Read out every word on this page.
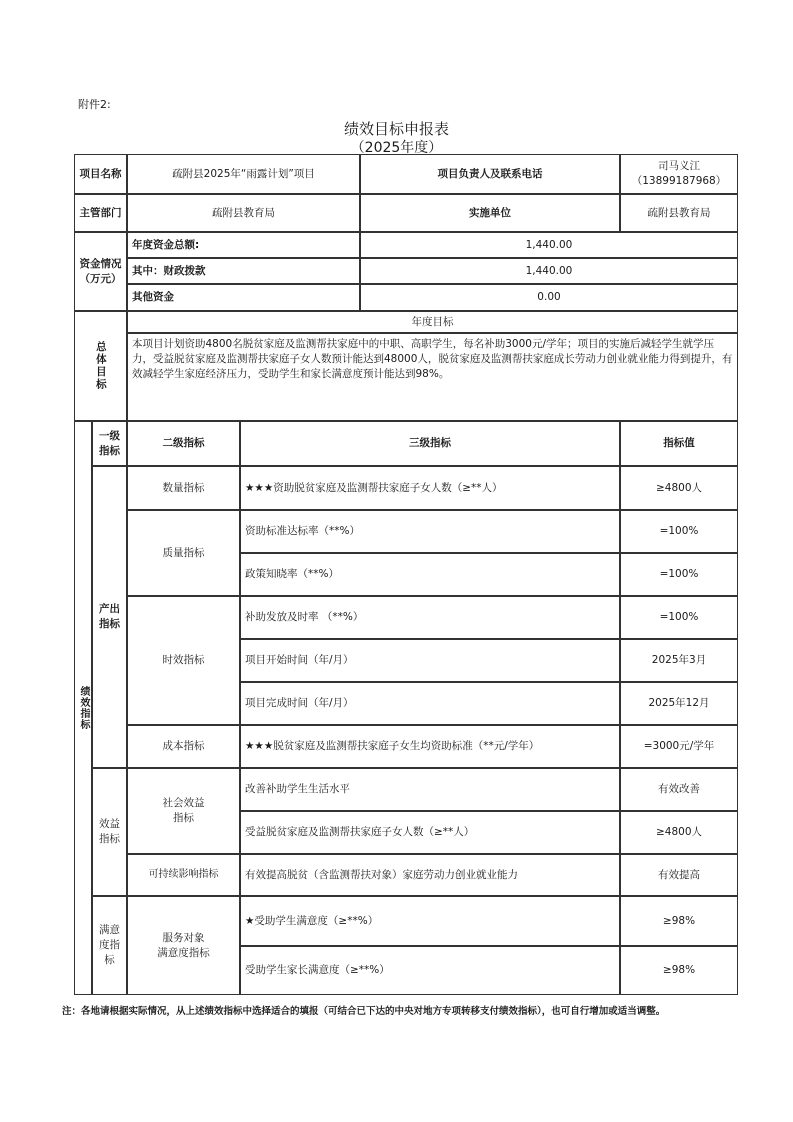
附件2:
绩效目标申报表
（2025年度）
项目名称	疏附县2025年“雨露计划”项目	项目负责人及联系电话
司马义江
（13899187968）
主管部门	疏附县教育局	实施单位	疏附县教育局
资金情况
（万元）
年度资金总额:	1,440.00
其中：财政拨款	1,440.00
其他资金	0.00
总体目标
年度目标
本项目计划资助4800名脱贫家庭及监测帮扶家庭中的中职、高职学生，每名补助3000元/学年；项目的实施后减轻学生就学压力，受益脱贫家庭及监测帮扶家庭子女人数预计能达到48000人，脱贫家庭及监测帮扶家庭成长劳动力创业就业能力得到提升，有效减轻学生家庭经济压力，受助学生和家长满意度预计能达到98%。
绩效指标
一级指标
二级指标	三级指标	指标值
产出指标
数量指标	★★★资助脱贫家庭及监测帮扶家庭子女人数（≥**人）	≥4800人
质量指标
资助标准达标率（**%）	=100%
政策知晓率（**%）	=100%
时效指标
补助发放及时率 （**%）	=100%
项目开始时间（年/月）	2025年3月
项目完成时间（年/月）	2025年12月
成本指标	★★★脱贫家庭及监测帮扶家庭子女生均资助标准（**元/学年）	=3000元/学年
效益指标
社会效益
指标
改善补助学生生活水平	有效改善
受益脱贫家庭及监测帮扶家庭子女人数（≥**人）	≥4800人
可持续影响指标	有效提高脱贫（含监测帮扶对象）家庭劳动力创业就业能力	有效提高
满意度指标
服务对象
满意度指标
★受助学生满意度（≥**%）	≥98%
受助学生家长满意度（≥**%）	≥98%
注：各地请根据实际情况，从上述绩效指标中选择适合的填报（可结合已下达的中央对地方专项转移支付绩效指标），也可自行增加或适当调整。
